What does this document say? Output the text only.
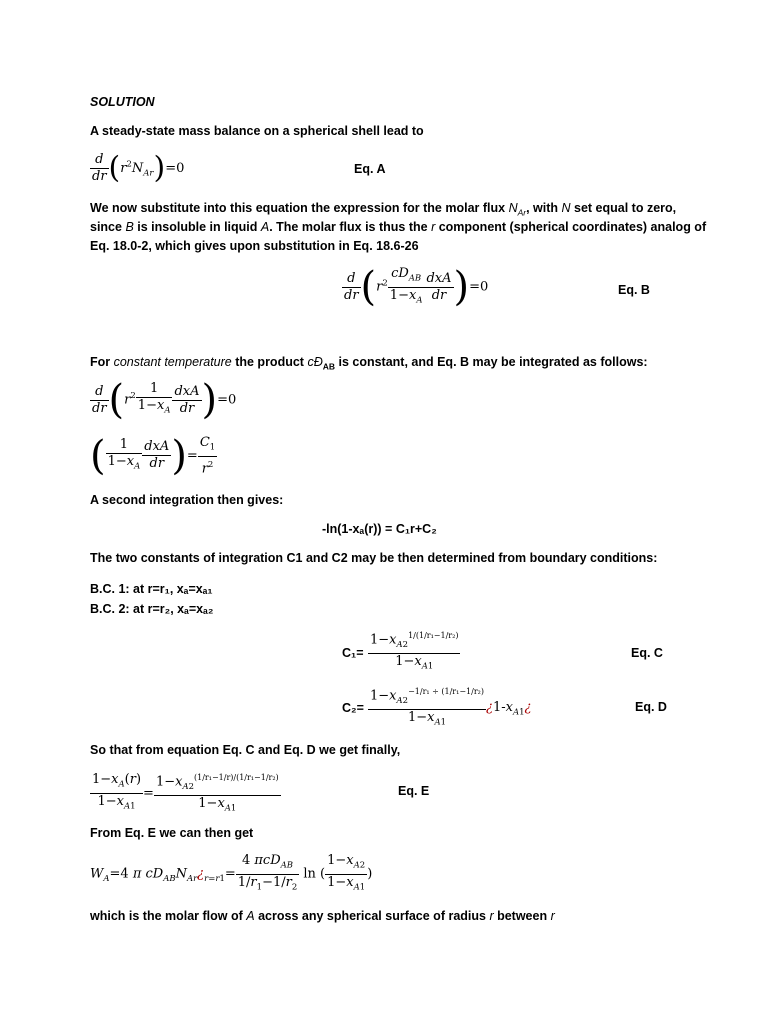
SOLUTION
A steady-state mass balance on a spherical shell lead to
$\frac{d}{dr} (r^2N_{Ar})=0$	Eq. A
We now substitute into this equation the expression for the molar flux $N_{Ar}$, with N set equal to zero,
since B is insoluble in liquid A. The molar flux is thus the r component (spherical coordinates) analog of
Eq. 18.0-2, which gives upon substitution in Eq. 18.6-26
$\frac{d}{dr} (r^2 \frac{cD_{AB}}{1-x_A} \frac{\text{dxA}}{dr} )=0$	Eq. B
For constant temperature the product $cĐ_{AB}$ is constant, and Eq. B may be integrated as follows:
$\frac{d}{dr} (r^2 \frac{1}{1-x_A} \frac{\text{dxA}}{dr} )=0$
( $\frac{1}{1-x_A} \frac{\text{dxA}}{dr}$ )= $\frac{C_1}{r^2}$
A second integration then gives:
-ln(1-xₐ(r)) = C₁r+C₂
The two constants of integration C1 and C2 may be then determined from boundary conditions:
B.C. 1: at r=r₁, xₐ=xₐ₁
B.C. 2: at r=r₂, xₐ=xₐ₂
$C_1= \frac{1-x_{A2}^{1/(1/r_1-1/r_2)}}{1-x_{A1}}$	Eq. C
$C_2= \frac{1-x_{A2}^{-1/r_1 \div (1/r_1-1/r_2)}}{1-x_{A1}}$ ¿$1-x_{A1}¿$	Eq. D
So that from equation Eq. C and Eq. D we get finally,
$\frac{1-x_A(r)}{1-x_{A1}} = \frac{1-x_{A2}^{(1/r_1-1/r)/(1/r_1-1/r_2)}}{1-x_{A1}}$	Eq. E
From Eq. E we can then get
$W_A=4$ π $cD_{AB}N_{Ar}¿_{r=r1}= \frac{4 \pi cD_{AB}}{1/r_1-1/r_2}$ ln ( $\frac{1-x_{A2}}{1-x_{A1}}$ )
which is the molar flow of A across any spherical surface of radius r between r
